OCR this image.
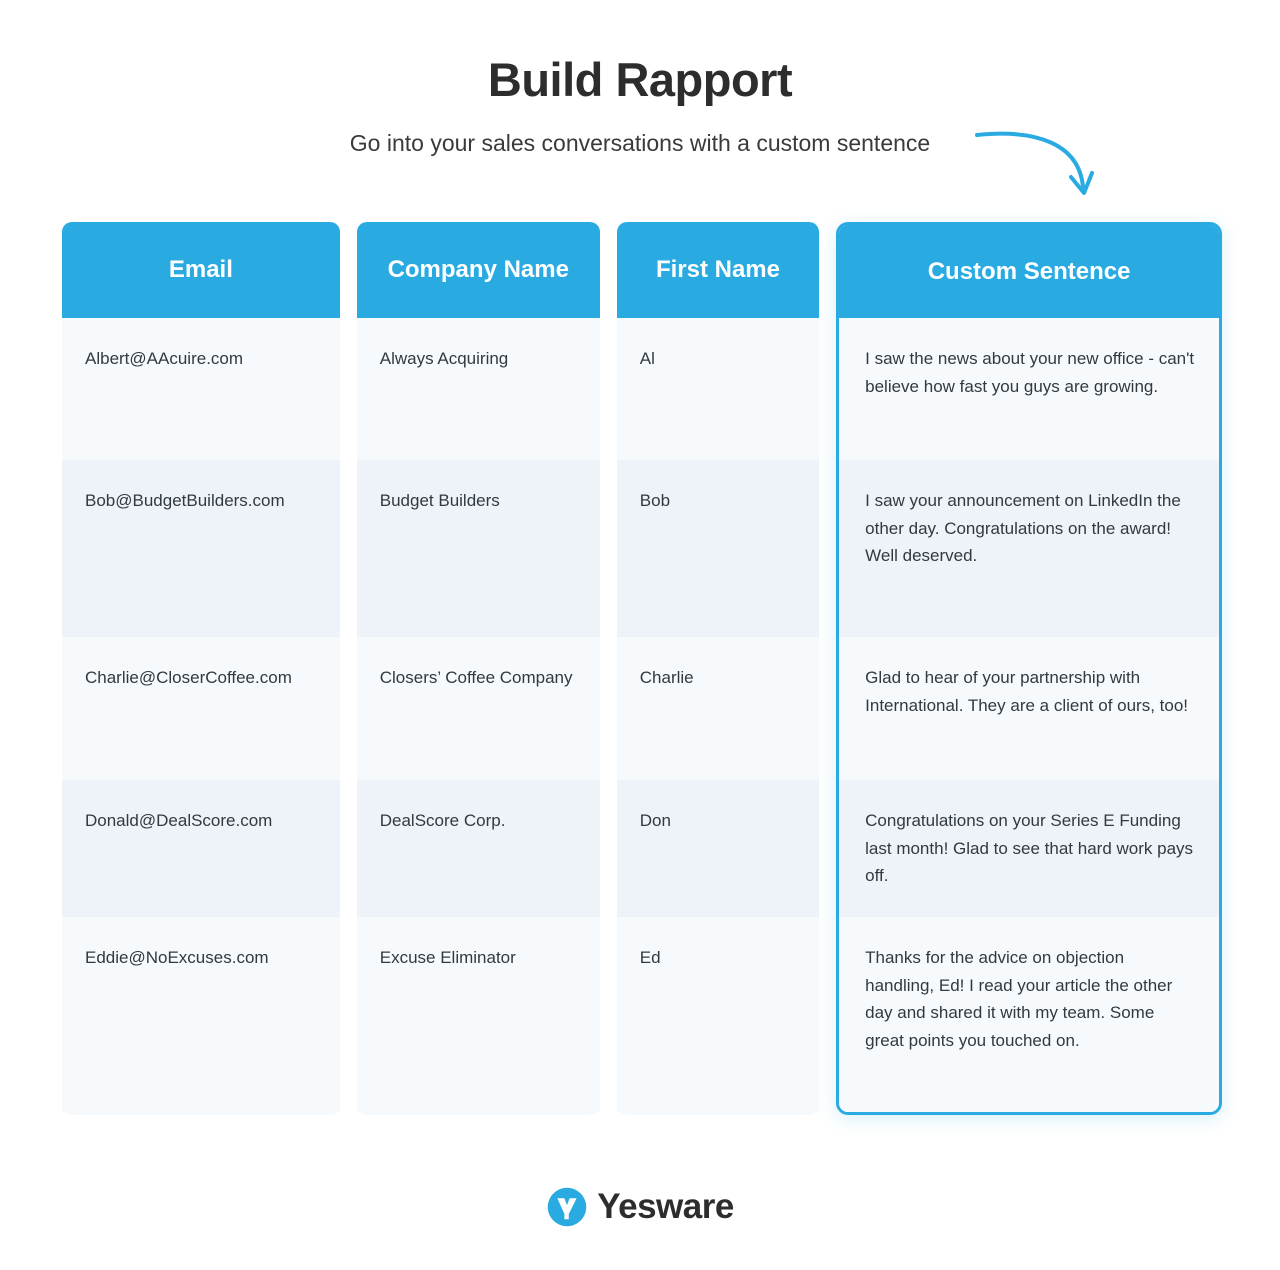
Build Rapport

Go into your sales conversations with a custom sentence

Email
Albert@AAcuire.com
Bob@BudgetBuilders.com
Charlie@CloserCoffee.com
Donald@DealScore.com
Eddie@NoExcuses.com
Company Name
Always Acquiring
Budget Builders
Closers’ Coffee Company
DealScore Corp.
Excuse Eliminator
First Name
Al
Bob
Charlie
Don
Ed
Custom Sentence
I saw the news about your new office - can't believe how fast you guys are growing.
I saw your announcement on LinkedIn the other day. Congratulations on the award! Well deserved.
Glad to hear of your partnership with International. They are a client of ours, too!
Congratulations on your Series E Funding last month! Glad to see that hard work pays off.
Thanks for the advice on objection handling, Ed! I read your article the other day and shared it with my team. Some great points you touched on.
Yesware
